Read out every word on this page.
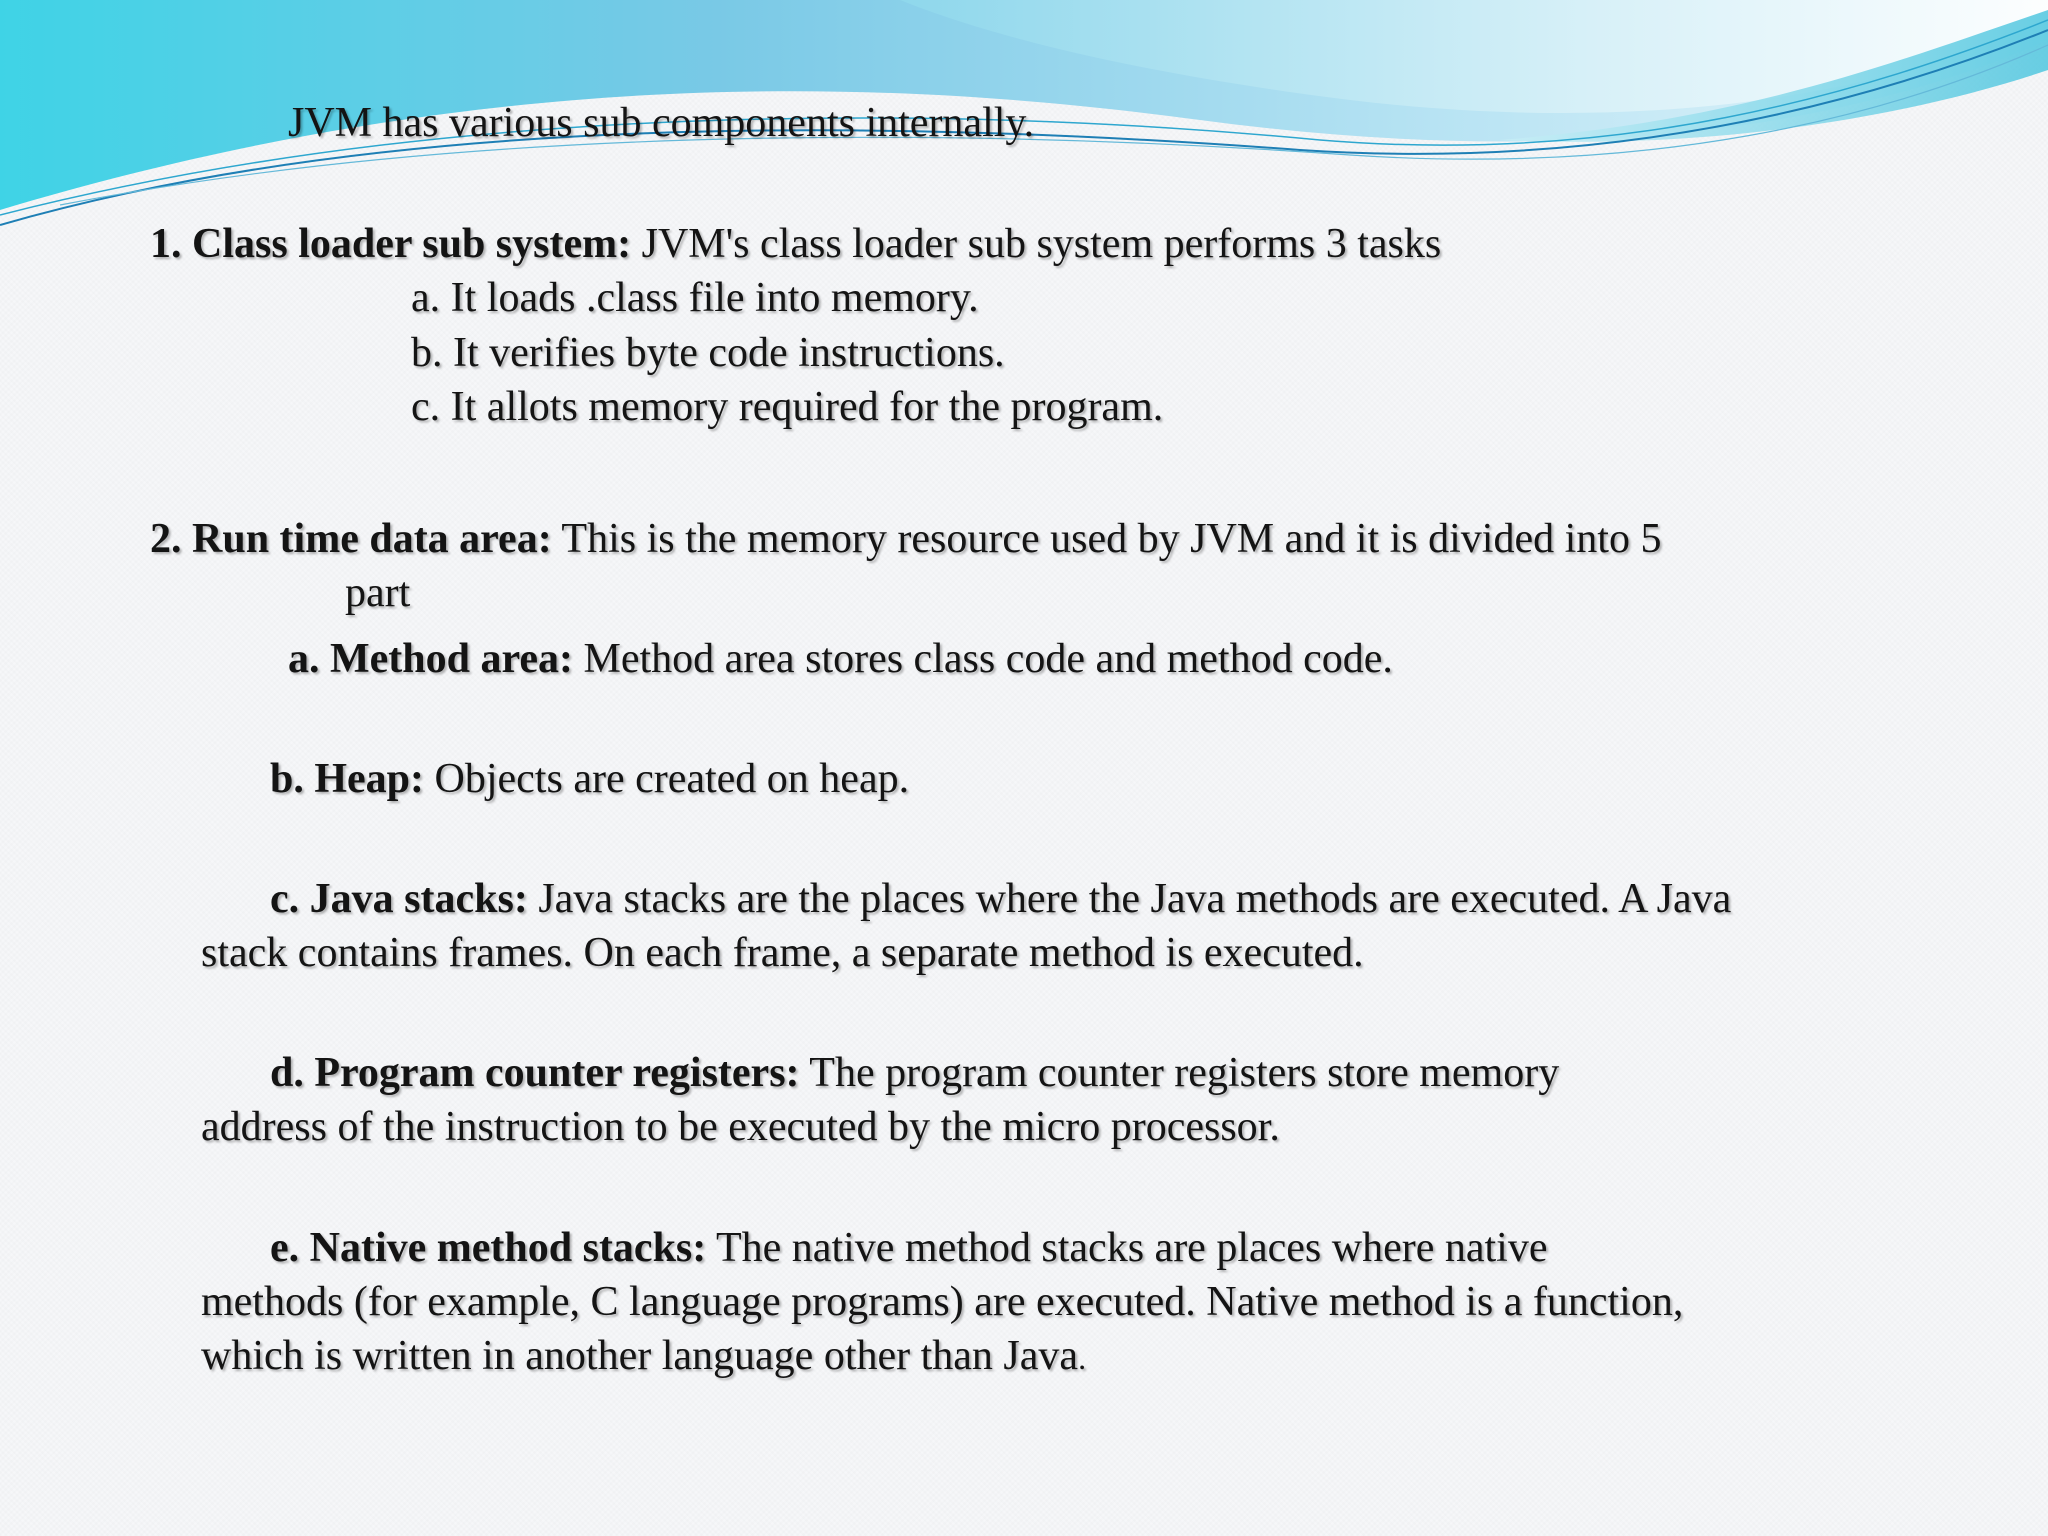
JVM has various sub components internally.
1. Class loader sub system: JVM's class loader sub system performs 3 tasks
a. It loads .class file into memory.
b. It verifies byte code instructions.
c. It allots memory required for the program.
2. Run time data area: This is the memory resource used by JVM and it is divided into 5
part
a. Method area: Method area stores class code and method code.
b. Heap: Objects are created on heap.
c. Java stacks: Java stacks are the places where the Java methods are executed. A Java
stack contains frames. On each frame, a separate method is executed.
d. Program counter registers: The program counter registers store memory
address of the instruction to be executed by the micro processor.
e. Native method stacks: The native method stacks are places where native
methods (for example, C language programs) are executed. Native method is a function,
which is written in another language other than Java.
